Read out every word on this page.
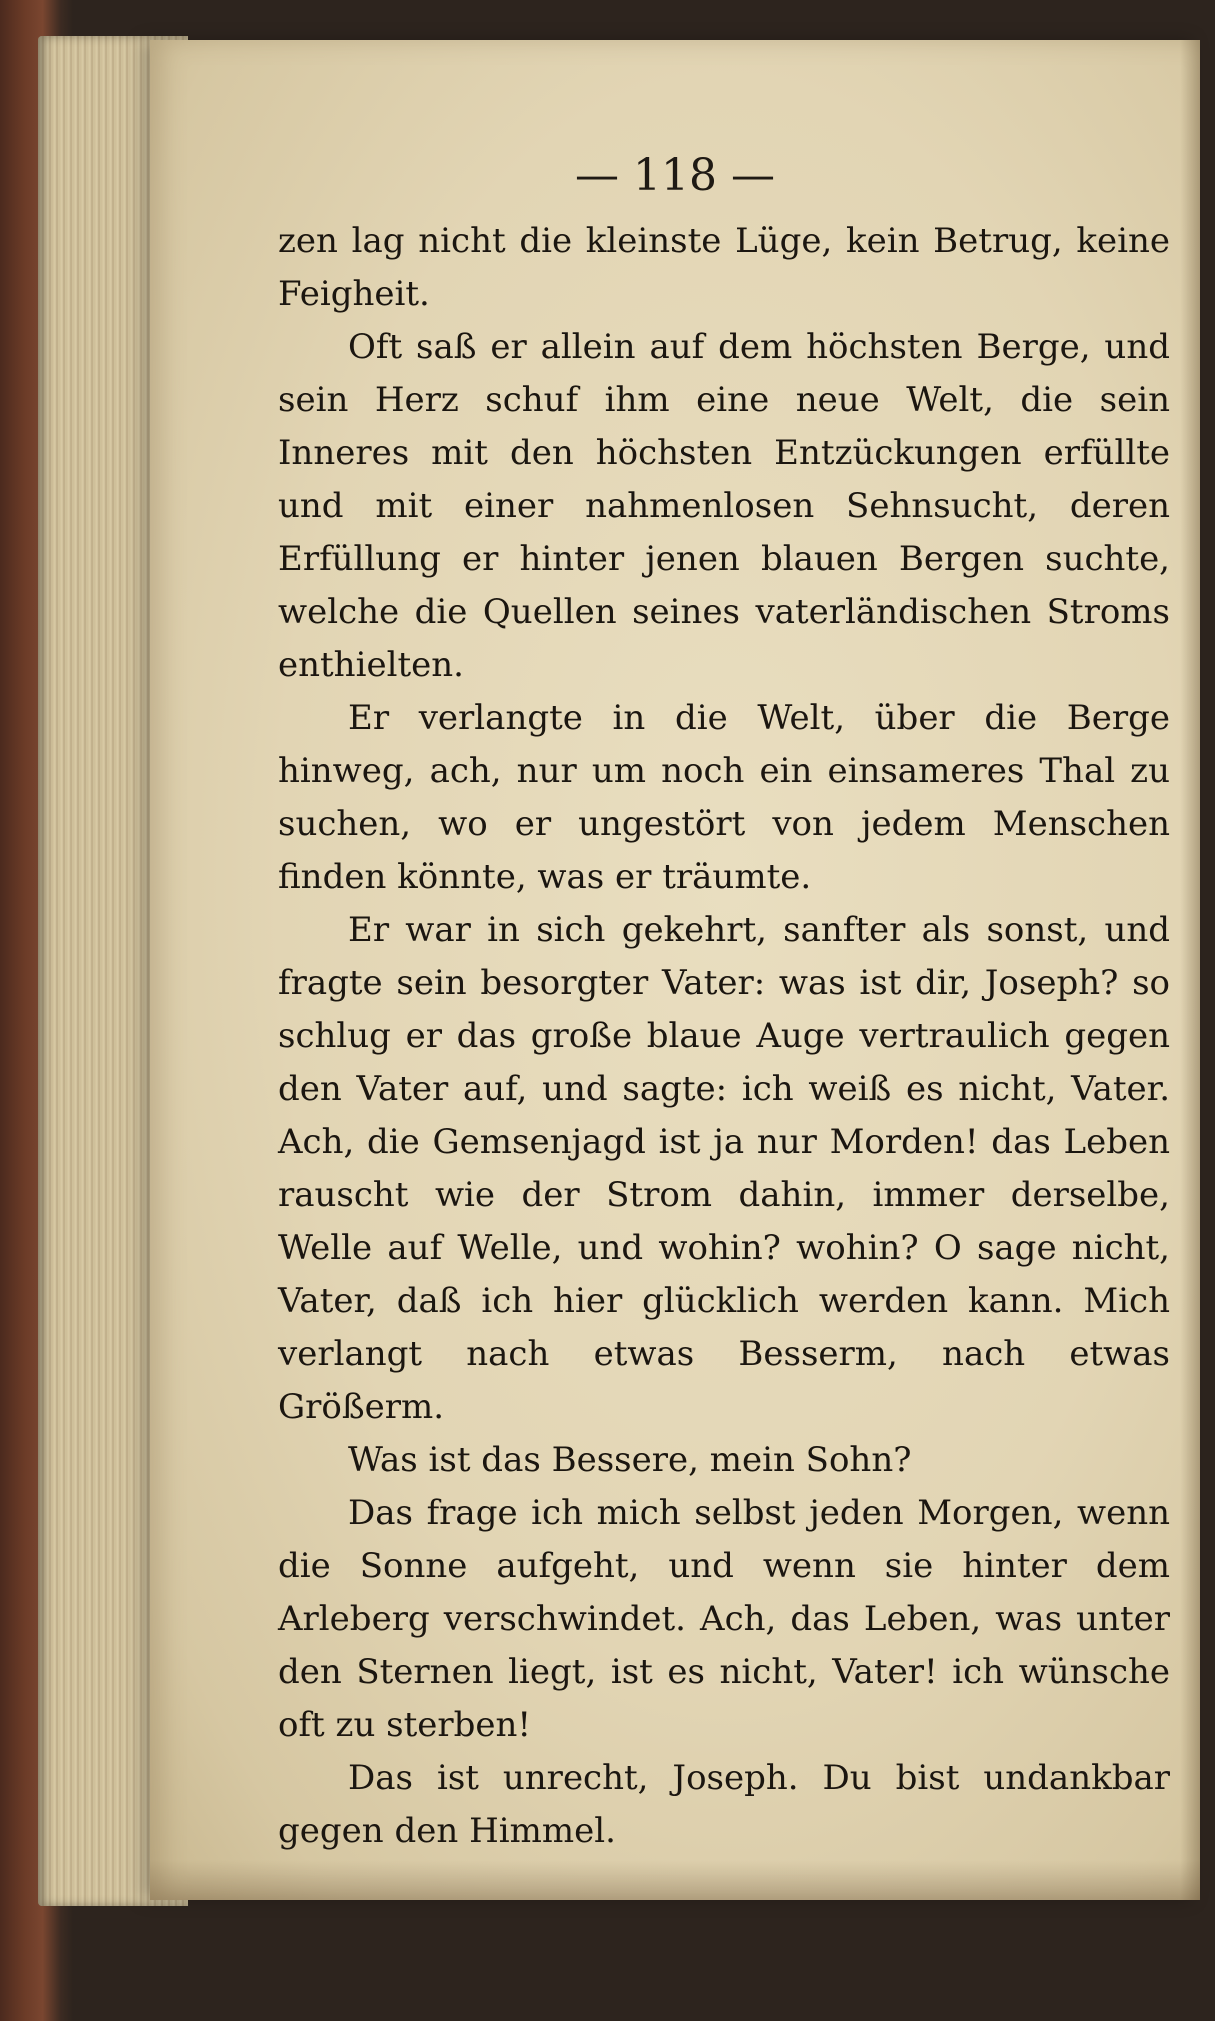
— 118 —

zen lag nicht die kleinste Lüge, kein Betrug, keine Feigheit.

Oft saß er allein auf dem höchsten Berge, und sein Herz schuf ihm eine neue Welt, die sein Inneres mit den höchsten Entzückungen erfüllte und mit einer nahmenlosen Sehnsucht, deren Erfüllung er hinter jenen blauen Bergen suchte, welche die Quellen seines vaterländischen Stroms enthielten.

Er verlangte in die Welt, über die Berge hinweg, ach, nur um noch ein einsameres Thal zu suchen, wo er ungestört von jedem Menschen finden könnte, was er träumte.

Er war in sich gekehrt, sanfter als sonst, und fragte sein besorgter Vater: was ist dir, Joseph? so schlug er das große blaue Auge vertraulich gegen den Vater auf, und sagte: ich weiß es nicht, Vater. Ach, die Gemsenjagd ist ja nur Morden! das Leben rauscht wie der Strom dahin, immer derselbe, Welle auf Welle, und wohin? wohin? O sage nicht, Vater, daß ich hier glücklich werden kann. Mich verlangt nach etwas Besserm, nach etwas Größerm.

Was ist das Bessere, mein Sohn?

Das frage ich mich selbst jeden Morgen, wenn die Sonne aufgeht, und wenn sie hinter dem Arleberg verschwindet. Ach, das Leben, was unter den Sternen liegt, ist es nicht, Vater! ich wünsche oft zu sterben!

Das ist unrecht, Joseph. Du bist undankbar gegen den Himmel.
